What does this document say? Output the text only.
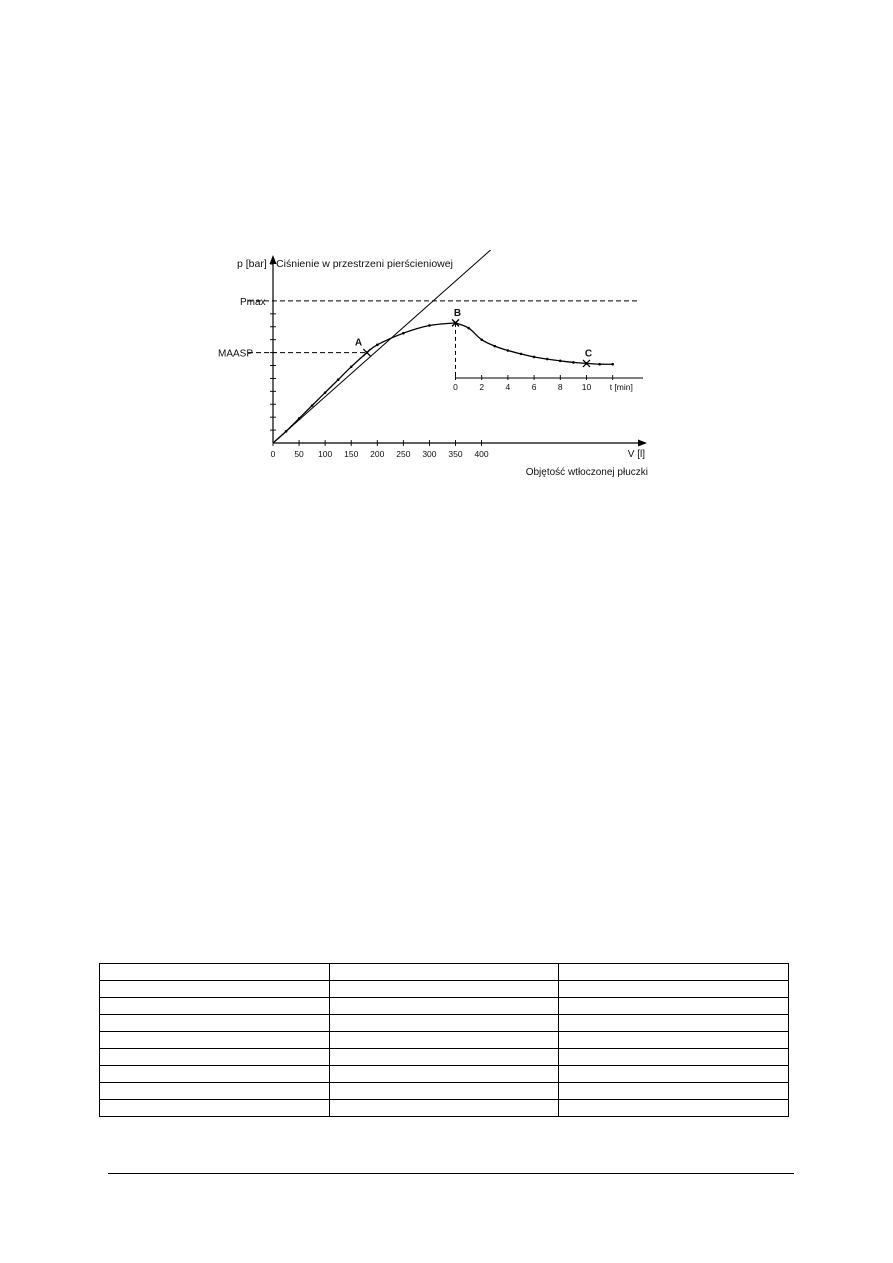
p [bar] - Ciśnienie w przestrzeni pierścieniowej
0 50 100 150 200 250 300 350 400	V [l]
Objętość wtłoczonej płuczki
Pmax
MAASP
0	2	4	6	8 10 t [min]
A
B
C
